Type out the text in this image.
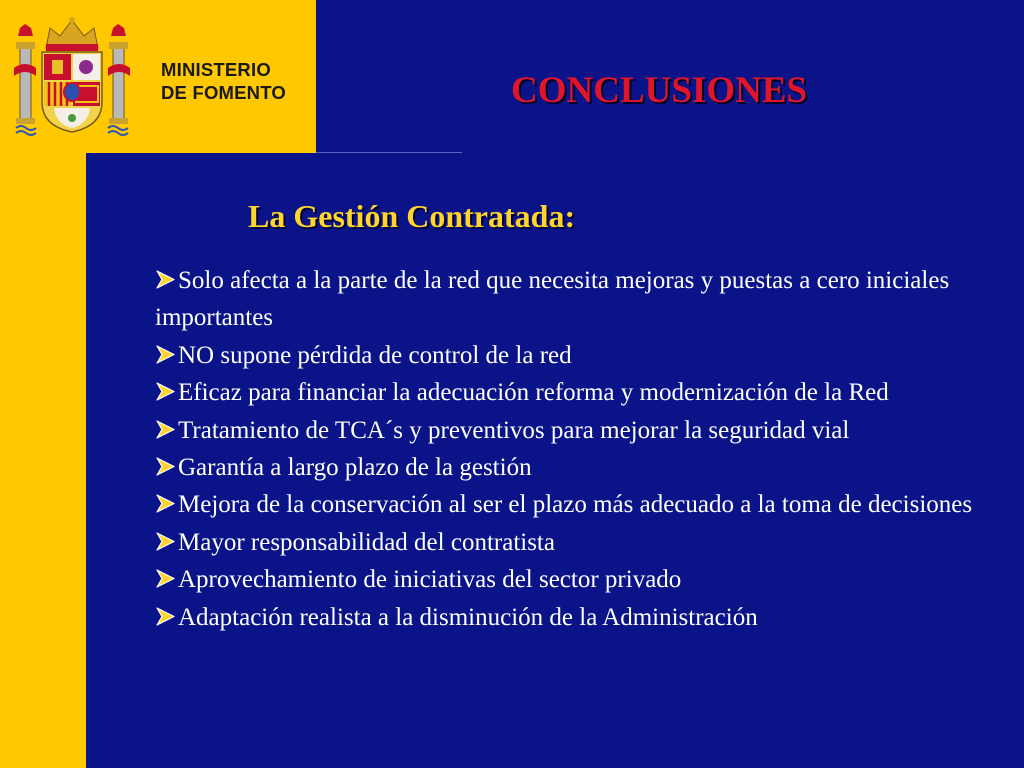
MINISTERIO
DE FOMENTO	CONCLUSIONES
La Gestión Contratada:
Solo afecta a la parte de la red que necesita mejoras y puestas a cero iniciales importantes
NO supone pérdida de control de la red
Eficaz para financiar la adecuación reforma y modernización de la Red
Tratamiento de TCA´s y preventivos para mejorar la seguridad vial
Garantía a largo plazo de la gestión
Mejora de la conservación al ser el plazo más adecuado a la toma de decisiones
Mayor responsabilidad del contratista
Aprovechamiento de iniciativas del sector privado
Adaptación realista a la disminución de la Administración
